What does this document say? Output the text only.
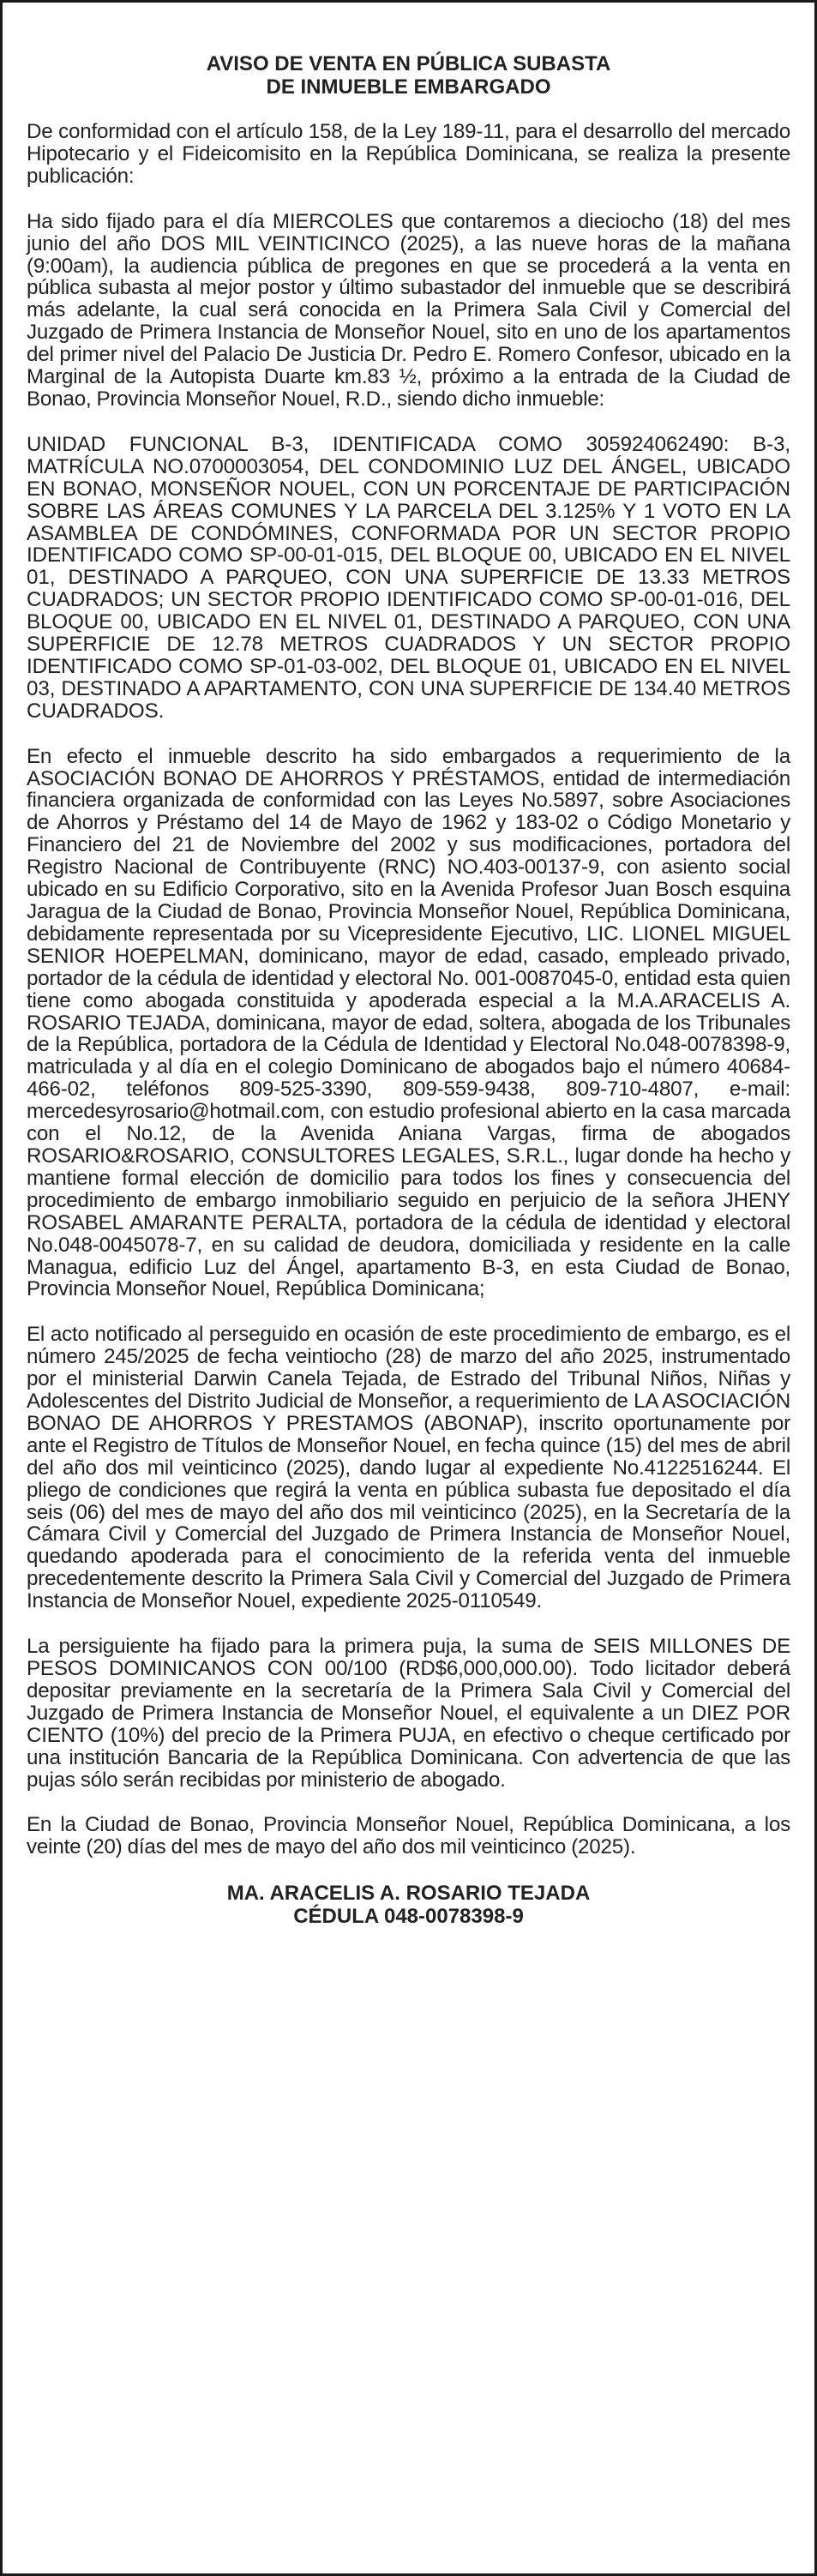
AVISO DE VENTA EN PÚBLICA SUBASTA
DE INMUEBLE EMBARGADO

De conformidad con el artículo 158, de la Ley 189-11, para el desarrollo del mercado Hipotecario y el Fideicomisito en la República Dominicana, se realiza la presente publicación:

Ha sido fijado para el día MIERCOLES que contaremos a dieciocho (18) del mes junio del año DOS MIL VEINTICINCO (2025), a las nueve horas de la mañana (9:00am), la audiencia pública de pregones en que se procederá a la venta en pública subasta al mejor postor y último subastador del inmueble que se describirá más adelante, la cual será conocida en la Primera Sala Civil y Comercial del Juzgado de Primera Instancia de Monseñor Nouel, sito en uno de los apartamentos del primer nivel del Palacio De Justicia Dr. Pedro E. Romero Confesor, ubicado en la Marginal de la Autopista Duarte km.83 ½, próximo a la entrada de la Ciudad de Bonao, Provincia Monseñor Nouel, R.D., siendo dicho inmueble:

UNIDAD FUNCIONAL B-3, IDENTIFICADA COMO 305924062490: B-3, MATRÍCULA NO.0700003054, DEL CONDOMINIO LUZ DEL ÁNGEL, UBICADO EN BONAO, MONSEÑOR NOUEL, CON UN PORCENTAJE DE PARTICIPACIÓN SOBRE LAS ÁREAS COMUNES Y LA PARCELA DEL 3.125% Y 1 VOTO EN LA ASAMBLEA DE CONDÓMINES, CONFORMADA POR UN SECTOR PROPIO IDENTIFICADO COMO SP-00-01-015, DEL BLOQUE 00, UBICADO EN EL NIVEL 01, DESTINADO A PARQUEO, CON UNA SUPERFICIE DE 13.33 METROS CUADRADOS; UN SECTOR PROPIO IDENTIFICADO COMO SP-00-01-016, DEL BLOQUE 00, UBICADO EN EL NIVEL 01, DESTINADO A PARQUEO, CON UNA SUPERFICIE DE 12.78 METROS CUADRADOS Y UN SECTOR PROPIO IDENTIFICADO COMO SP-01-03-002, DEL BLOQUE 01, UBICADO EN EL NIVEL 03, DESTINADO A APARTAMENTO, CON UNA SUPERFICIE DE 134.40 METROS CUADRADOS.

En efecto el inmueble descrito ha sido embargados a requerimiento de la ASOCIACIÓN BONAO DE AHORROS Y PRÉSTAMOS, entidad de intermediación financiera organizada de conformidad con las Leyes No.5897, sobre Asociaciones de Ahorros y Préstamo del 14 de Mayo de 1962 y 183-02 o Código Monetario y Financiero del 21 de Noviembre del 2002 y sus modificaciones, portadora del Registro Nacional de Contribuyente (RNC) NO.403-00137-9, con asiento social ubicado en su Edificio Corporativo, sito en la Avenida Profesor Juan Bosch esquina Jaragua de la Ciudad de Bonao, Provincia Monseñor Nouel, República Dominicana, debidamente representada por su Vicepresidente Ejecutivo, LIC. LIONEL MIGUEL SENIOR HOEPELMAN, dominicano, mayor de edad, casado, empleado privado, portador de la cédula de identidad y electoral No. 001-0087045-0, entidad esta quien tiene como abogada constituida y apoderada especial a la M.A.ARACELIS A. ROSARIO TEJADA, dominicana, mayor de edad, soltera, abogada de los Tribunales de la República, portadora de la Cédula de Identidad y Electoral No.048-0078398-9, matriculada y al día en el colegio Dominicano de abogados bajo el número 40684-466-02, teléfonos 809-525-3390, 809-559-9438, 809-710-4807, e-mail: mercedesyrosario@hotmail.com, con estudio profesional abierto en la casa marcada con el No.12, de la Avenida Aniana Vargas, firma de abogados ROSARIO&ROSARIO, CONSULTORES LEGALES, S.R.L., lugar donde ha hecho y mantiene formal elección de domicilio para todos los fines y consecuencia del procedimiento de embargo inmobiliario seguido en perjuicio de la señora JHENY ROSABEL AMARANTE PERALTA, portadora de la cédula de identidad y electoral No.048-0045078-7, en su calidad de deudora, domiciliada y residente en la calle Managua, edificio Luz del Ángel, apartamento B-3, en esta Ciudad de Bonao, Provincia Monseñor Nouel, República Dominicana;

El acto notificado al perseguido en ocasión de este procedimiento de embargo, es el número 245/2025 de fecha veintiocho (28) de marzo del año 2025, instrumentado por el ministerial Darwin Canela Tejada, de Estrado del Tribunal Niños, Niñas y Adolescentes del Distrito Judicial de Monseñor, a requerimiento de LA ASOCIACIÓN BONAO DE AHORROS Y PRESTAMOS (ABONAP), inscrito oportunamente por ante el Registro de Títulos de Monseñor Nouel, en fecha quince (15) del mes de abril del año dos mil veinticinco (2025), dando lugar al expediente No.4122516244. El pliego de condiciones que regirá la venta en pública subasta fue depositado el día seis (06) del mes de mayo del año dos mil veinticinco (2025), en la Secretaría de la Cámara Civil y Comercial del Juzgado de Primera Instancia de Monseñor Nouel, quedando apoderada para el conocimiento de la referida venta del inmueble precedentemente descrito la Primera Sala Civil y Comercial del Juzgado de Primera Instancia de Monseñor Nouel, expediente 2025-0110549.

La persiguiente ha fijado para la primera puja, la suma de SEIS MILLONES DE PESOS DOMINICANOS CON 00/100 (RD$6,000,000.00). Todo licitador deberá depositar previamente en la secretaría de la Primera Sala Civil y Comercial del Juzgado de Primera Instancia de Monseñor Nouel, el equivalente a un DIEZ POR CIENTO (10%) del precio de la Primera PUJA, en efectivo o cheque certificado por una institución Bancaria de la República Dominicana. Con advertencia de que las pujas sólo serán recibidas por ministerio de abogado.

En la Ciudad de Bonao, Provincia Monseñor Nouel, República Dominicana, a los veinte (20) días del mes de mayo del año dos mil veinticinco (2025).

MA. ARACELIS A. ROSARIO TEJADA
CÉDULA 048-0078398-9
